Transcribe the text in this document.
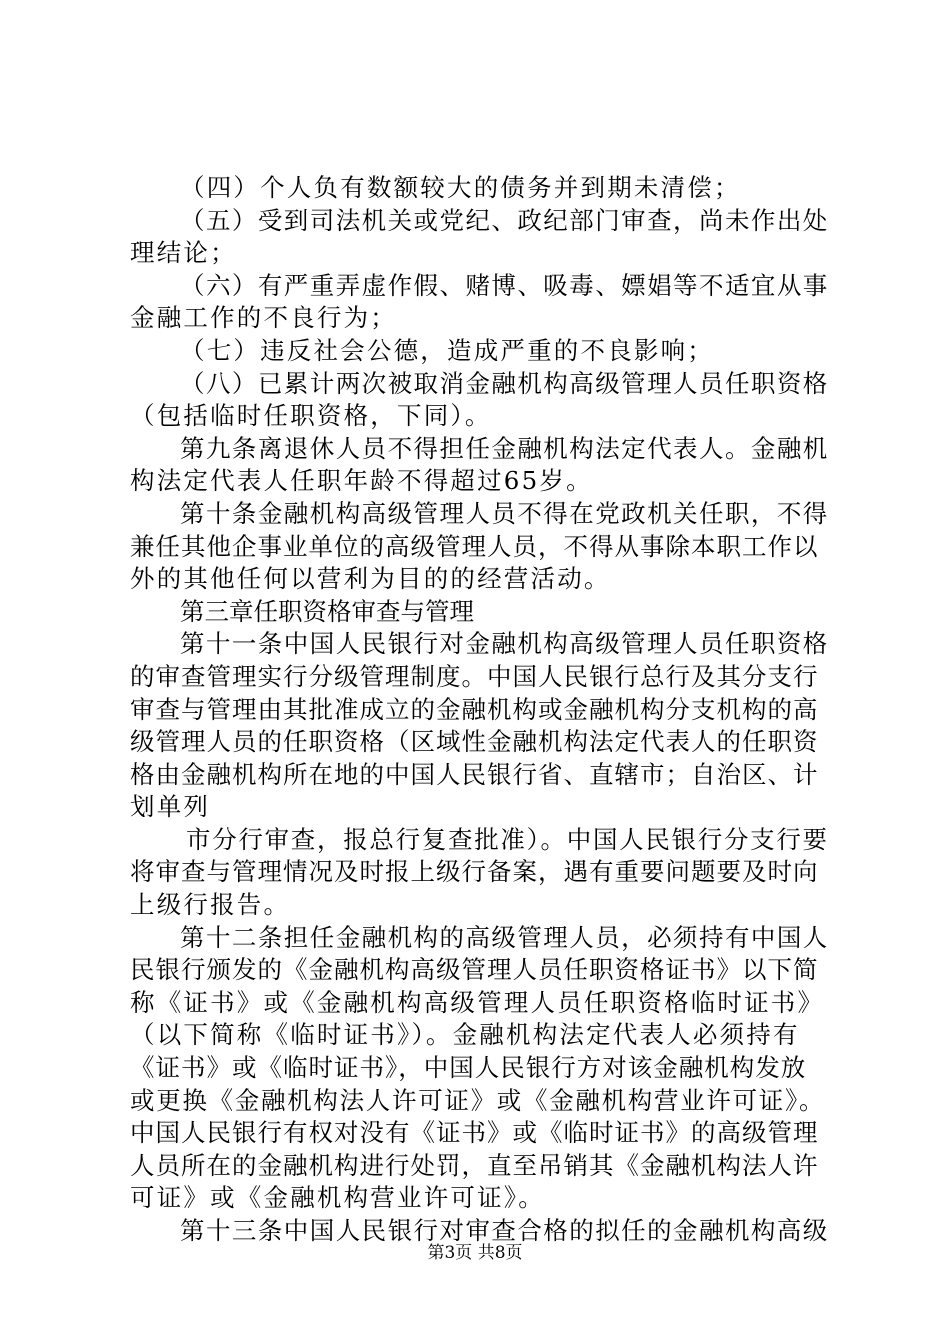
（四）个人负有数额较大的债务并到期未清偿；
（五）受到司法机关或党纪、政纪部门审查，尚未作出处
理结论；
（六）有严重弄虚作假、赌博、吸毒、嫖娼等不适宜从事
金融工作的不良行为；
（七）违反社会公德，造成严重的不良影响；
（八）已累计两次被取消金融机构高级管理人员任职资格
（包括临时任职资格，下同）。
第九条离退休人员不得担任金融机构法定代表人。金融机
构法定代表人任职年龄不得超过65岁。
第十条金融机构高级管理人员不得在党政机关任职，不得
兼任其他企事业单位的高级管理人员，不得从事除本职工作以
外的其他任何以营利为目的的经营活动。
第三章任职资格审查与管理
第十一条中国人民银行对金融机构高级管理人员任职资格
的审查管理实行分级管理制度。中国人民银行总行及其分支行
审查与管理由其批准成立的金融机构或金融机构分支机构的高
级管理人员的任职资格（区域性金融机构法定代表人的任职资
格由金融机构所在地的中国人民银行省、直辖市；自治区、计
划单列
市分行审查，报总行复查批准）。中国人民银行分支行要
将审查与管理情况及时报上级行备案，遇有重要问题要及时向
上级行报告。
第十二条担任金融机构的高级管理人员，必须持有中国人
民银行颁发的《金融机构高级管理人员任职资格证书》以下简
称《证书》或《金融机构高级管理人员任职资格临时证书》
（以下简称《临时证书》）。金融机构法定代表人必须持有
《证书》或《临时证书》，中国人民银行方对该金融机构发放
或更换《金融机构法人许可证》或《金融机构营业许可证》。
中国人民银行有权对没有《证书》或《临时证书》的高级管理
人员所在的金融机构进行处罚，直至吊销其《金融机构法人许
可证》或《金融机构营业许可证》。
第十三条中国人民银行对审查合格的拟任的金融机构高级
第3页 共8页
